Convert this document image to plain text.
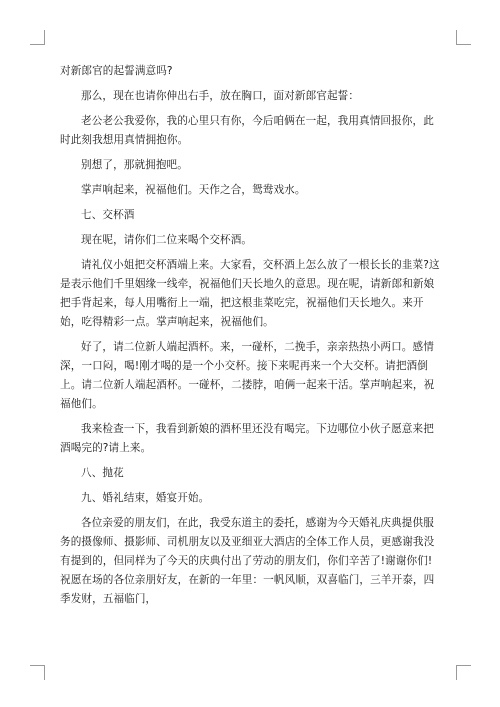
对新郎官的起誓满意吗?

那么，现在也请你伸出右手，放在胸口，面对新郎官起誓：

老公老公我爱你，我的心里只有你，今后咱俩在一起，我用真情回报你，此时此刻我想用真情拥抱你。

别想了，那就拥抱吧。

掌声响起来，祝福他们。天作之合，鸳鸯戏水。

七、交杯酒

现在呢，请你们二位来喝个交杯酒。

请礼仪小姐把交杯酒端上来。大家看，交杯酒上怎么放了一根长长的韭菜?这是表示他们千里姻缘一线牵，祝福他们天长地久的意思。现在呢，请新郎和新娘把手背起来，每人用嘴衔上一端，把这根韭菜吃完，祝福他们天长地久。来开始，吃得精彩一点。掌声响起来，祝福他们。

好了，请二位新人端起酒杯。来，一碰杯，二挽手，亲亲热热小两口。感情深，一口闷，喝!刚才喝的是一个小交杯。接下来呢再来一个大交杯。请把酒倒上。请二位新人端起酒杯。一碰杯，二搂脖，咱俩一起来干活。掌声响起来，祝福他们。

我来检查一下，我看到新娘的酒杯里还没有喝完。下边哪位小伙子愿意来把酒喝完的?请上来。

八、抛花

九、婚礼结束，婚宴开始。

各位亲爱的朋友们，在此，我受东道主的委托，感谢为今天婚礼庆典提供服务的摄像师、摄影师、司机朋友以及亚细亚大酒店的全体工作人员，更感谢我没有提到的，但同样为了今天的庆典付出了劳动的朋友们，你们辛苦了!谢谢你们!祝愿在场的各位亲朋好友，在新的一年里：一帆风顺，双喜临门，三羊开泰，四季发财，五福临门，
